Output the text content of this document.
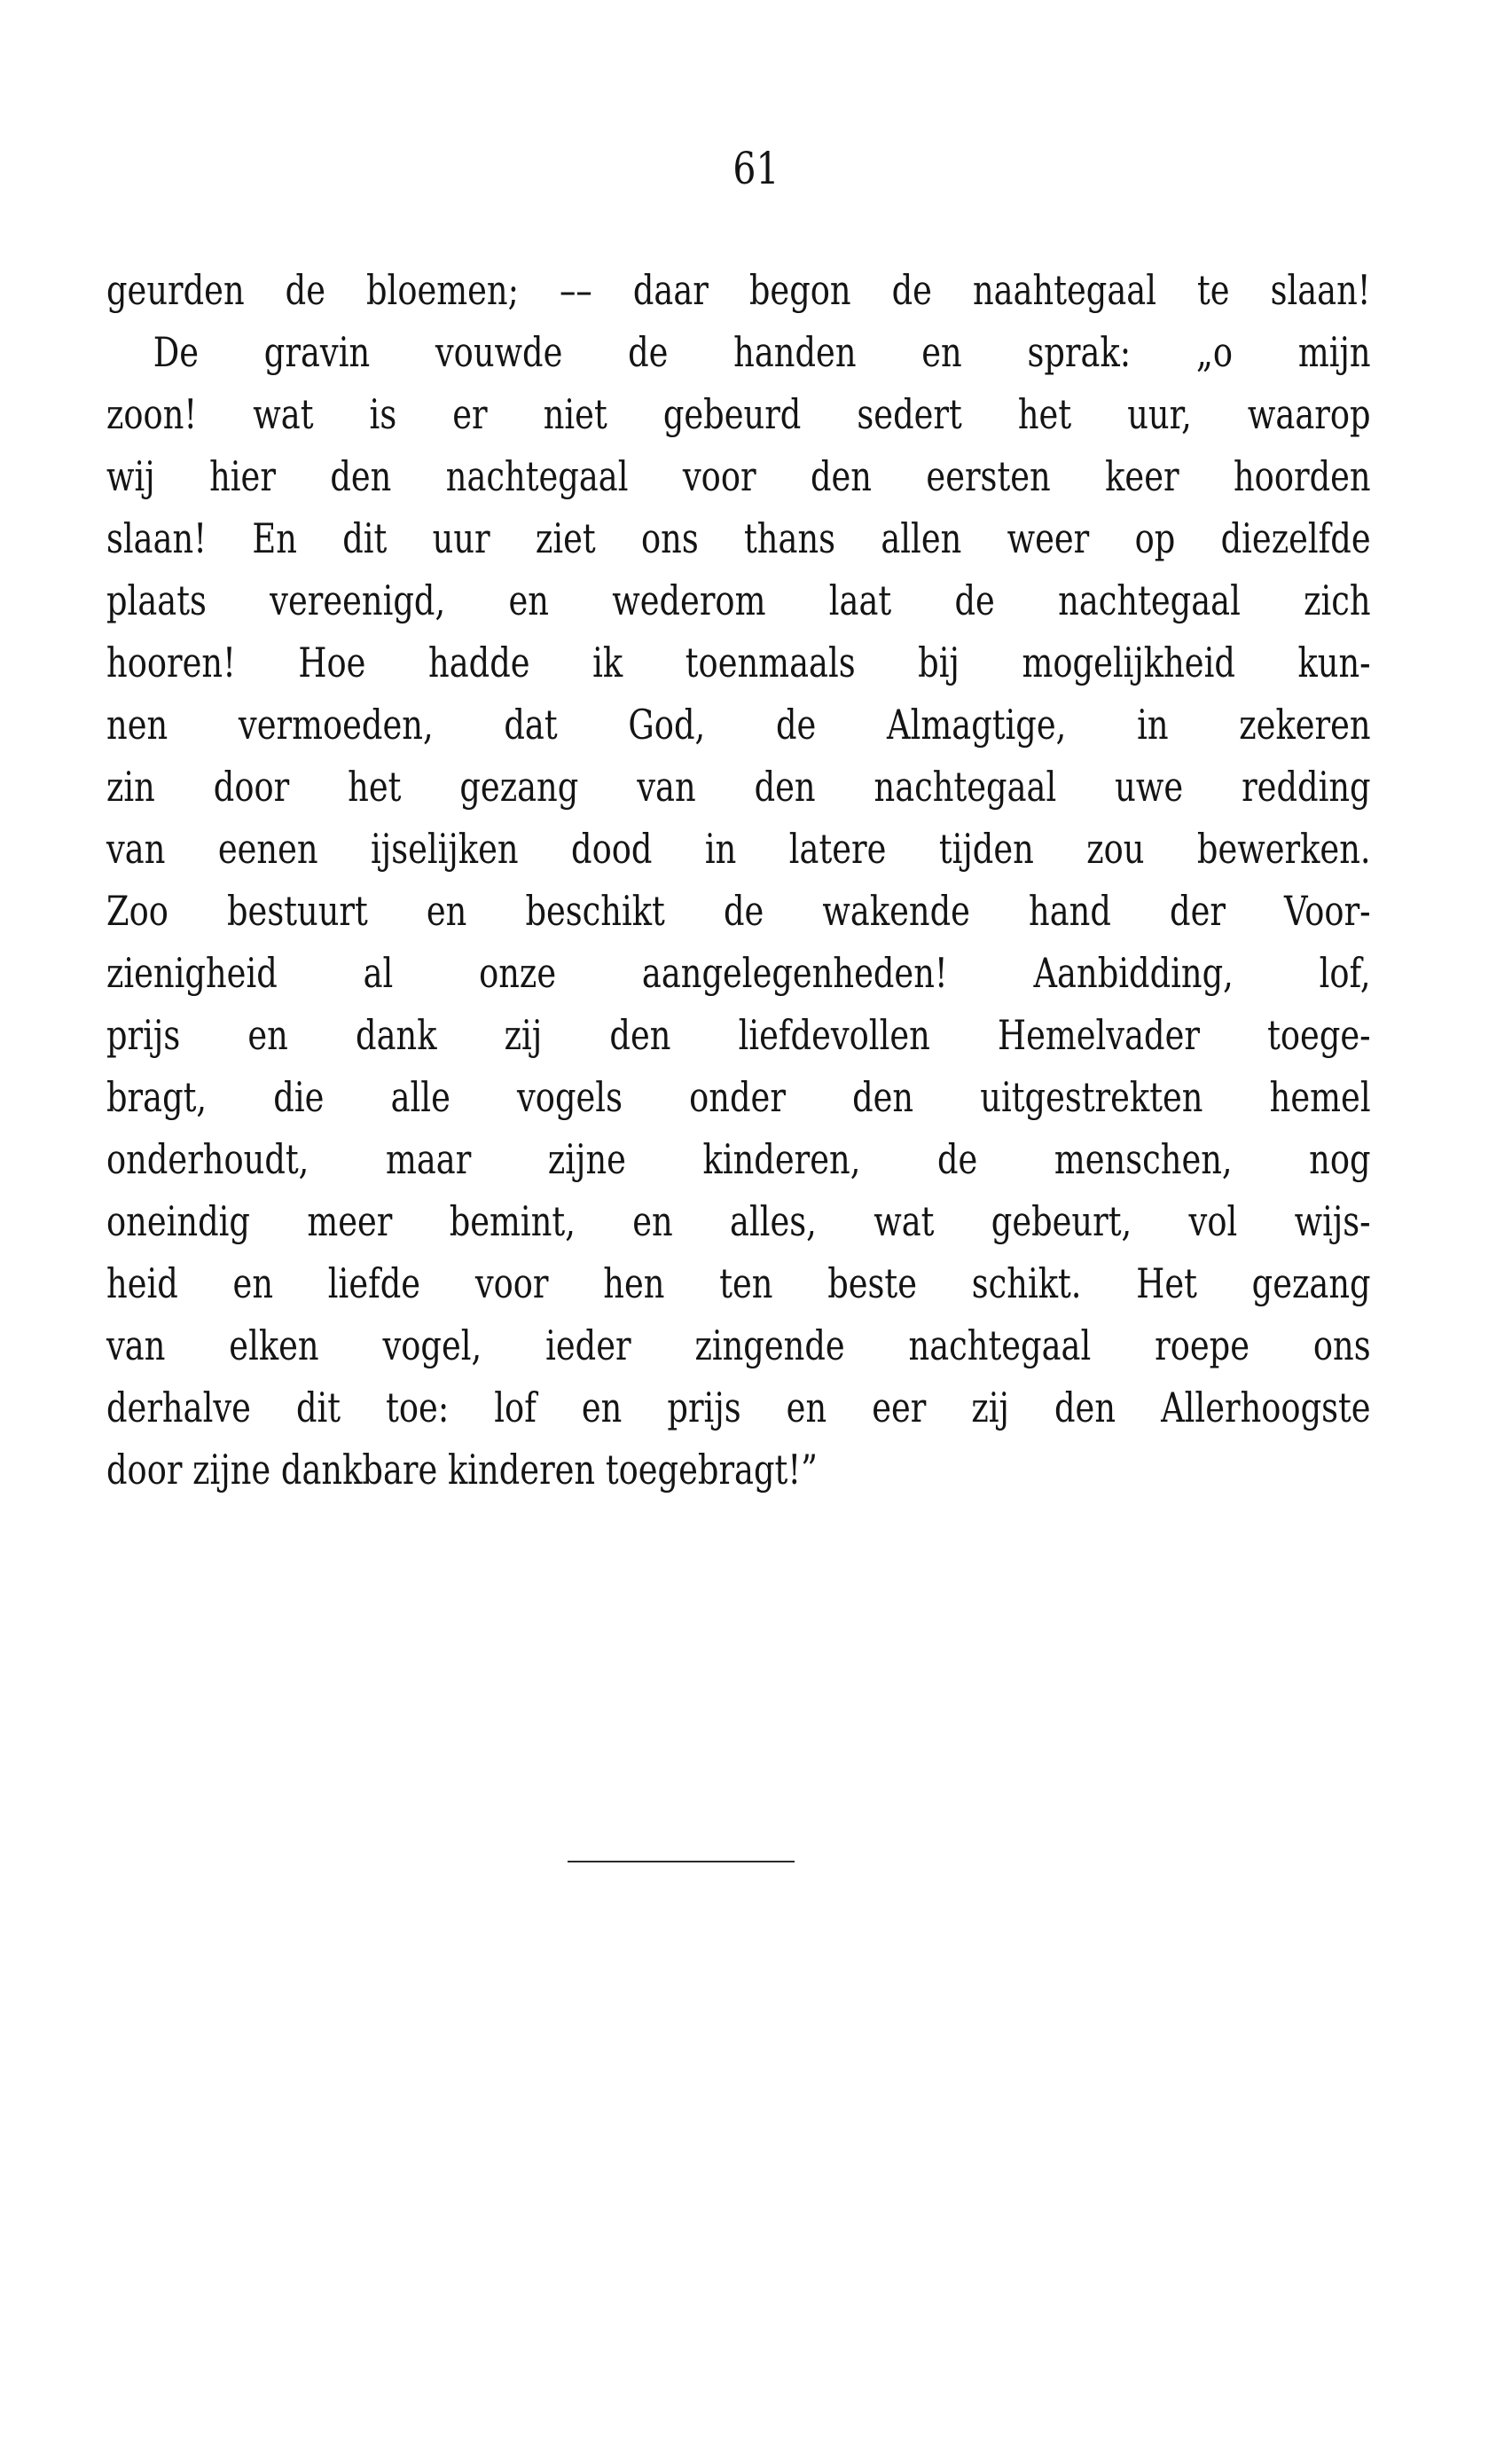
61
geurden de bloemen; –– daar begon de naahtegaal te slaan!
De gravin vouwde de handen en sprak: „o mijn
zoon! wat is er niet gebeurd sedert het uur, waarop
wij hier den nachtegaal voor den eersten keer hoorden
slaan! En dit uur ziet ons thans allen weer op diezelfde
plaats vereenigd, en wederom laat de nachtegaal zich
hooren! Hoe hadde ik toenmaals bij mogelijkheid kun-
nen vermoeden, dat God, de Almagtige, in zekeren
zin door het gezang van den nachtegaal uwe redding
van eenen ijselijken dood in latere tijden zou bewerken.
Zoo bestuurt en beschikt de wakende hand der Voor-
zienigheid al onze aangelegenheden! Aanbidding, lof,
prijs en dank zij den liefdevollen Hemelvader toege-
bragt, die alle vogels onder den uitgestrekten hemel
onderhoudt, maar zijne kinderen, de menschen, nog
oneindig meer bemint, en alles, wat gebeurt, vol wijs-
heid en liefde voor hen ten beste schikt. Het gezang
van elken vogel, ieder zingende nachtegaal roepe ons
derhalve dit toe: lof en prijs en eer zij den Allerhoogste
door zijne dankbare kinderen toegebragt!”
